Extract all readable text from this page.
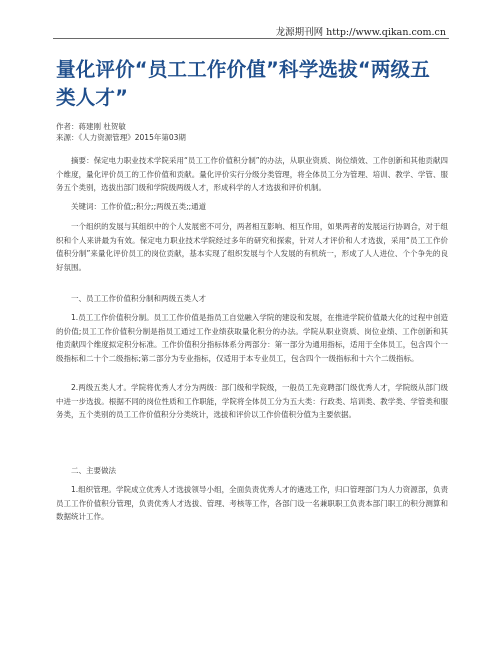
龙源期刊网 http://www.qikan.com.cn
量化评价“员工工作价值”科学选拔“两级五类人才”
作者：蒋建刚 杜贺敏
来源：《人力资源管理》2015年第03期
摘要：保定电力职业技术学院采用“员工工作价值积分制”的办法，从职业资质、岗位绩效、工作创新和其他贡献四个维度，量化评价员工的工作价值和贡献。量化评价实行分级分类管理，将全体员工分为管理、培训、教学、学管、服务五个类别，选拔出部门级和学院级两级人才，形成科学的人才选拔和评价机制。
关键词：工作价值;;积分;;两级五类;;通道
一个组织的发展与其组织中的个人发展密不可分，两者相互影响、相互作用，如果两者的发展运行协调合，对于组织和个人来讲最为有效。保定电力职业技术学院经过多年的研究和探索，针对人才评价和人才选拔，采用“员工工作价值积分制”来量化评价员工的岗位贡献，基本实现了组织发展与个人发展的有机统一，形成了人人进位、个个争先的良好氛围。
一、员工工作价值积分制和两级五类人才
1.员工工作价值积分制。员工工作价值是指员工自觉融入学院的建设和发展，在推进学院价值最大化的过程中创造的价值;员工工作价值积分制是指员工通过工作业绩获取量化积分的办法。学院从职业资质、岗位业绩、工作创新和其他贡献四个维度拟定积分标准。工作价值积分指标体系分两部分：第一部分为通用指标，适用于全体员工，包含四个一级指标和二十个二级指标;第二部分为专业指标，仅适用于本专业员工，包含四个一级指标和十六个二级指标。
2.两级五类人才。学院将优秀人才分为两级：部门级和学院级，一般员工先竞聘部门级优秀人才，学院级从部门级中进一步选拔。根据不同的岗位性质和工作职能，学院将全体员工分为五大类：行政类、培训类、教学类、学管类和服务类，五个类别的员工工作价值积分分类统计，选拔和评价以工作价值积分值为主要依据。
二、主要做法
1.组织管理。学院成立优秀人才选拔领导小组，全面负责优秀人才的遴选工作，归口管理部门为人力资源部，负责员工工作价值积分管理，负责优秀人才选拔、管理、考核等工作，各部门设一名兼职职工负责本部门职工的积分测算和数据统计工作。
